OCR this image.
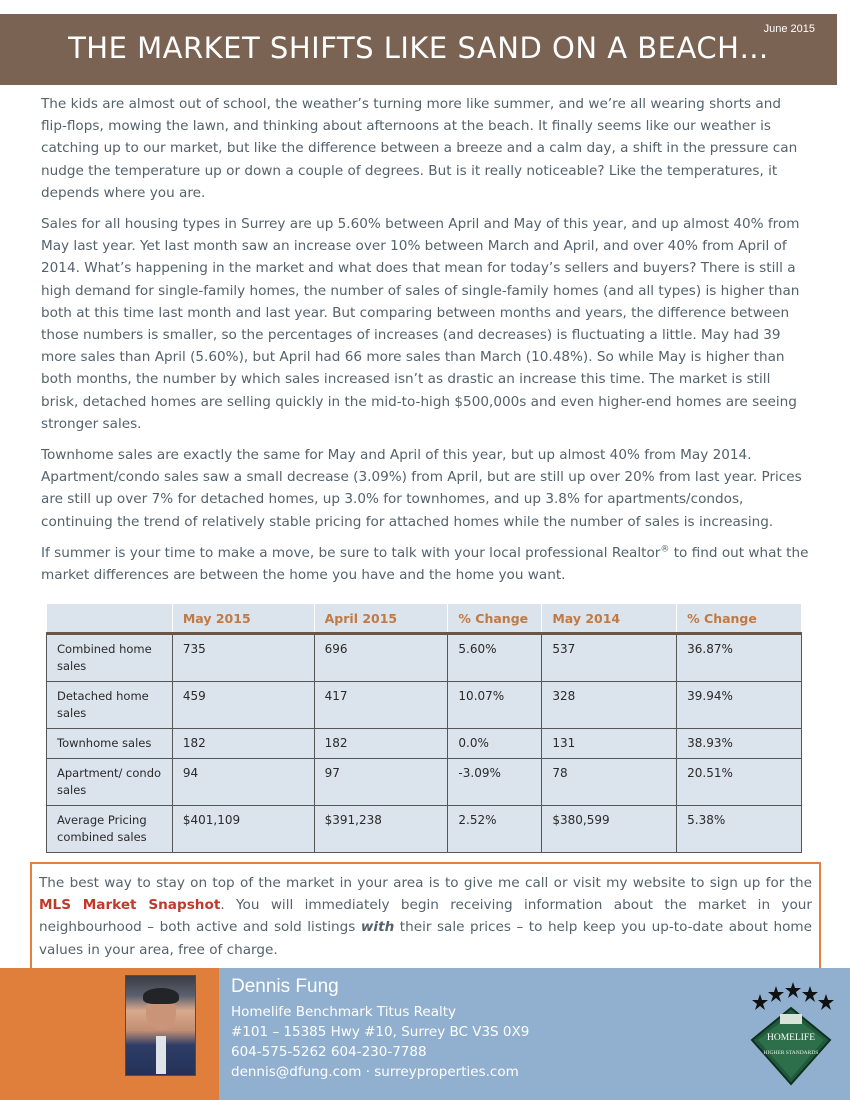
June 2015
THE MARKET SHIFTS LIKE SAND ON A BEACH…

The kids are almost out of school, the weather’s turning more like summer, and we’re all wearing shorts and flip-flops, mowing the lawn, and thinking about afternoons at the beach. It finally seems like our weather is catching up to our market, but like the difference between a breeze and a calm day, a shift in the pressure can nudge the temperature up or down a couple of degrees. But is it really noticeable? Like the temperatures, it depends where you are.

Sales for all housing types in Surrey are up 5.60% between April and May of this year, and up almost 40% from May last year. Yet last month saw an increase over 10% between March and April, and over 40% from April of 2014. What’s happening in the market and what does that mean for today’s sellers and buyers? There is still a high demand for single-family homes, the number of sales of single-family homes (and all types) is higher than both at this time last month and last year. But comparing between months and years, the difference between those numbers is smaller, so the percentages of increases (and decreases) is fluctuating a little. May had 39 more sales than April (5.60%), but April had 66 more sales than March (10.48%). So while May is higher than both months, the number by which sales increased isn’t as drastic an increase this time. The market is still brisk, detached homes are selling quickly in the mid-to-high $500,000s and even higher-end homes are seeing stronger sales.

Townhome sales are exactly the same for May and April of this year, but up almost 40% from May 2014. Apartment/condo sales saw a small decrease (3.09%) from April, but are still up over 20% from last year. Prices are still up over 7% for detached homes, up 3.0% for townhomes, and up 3.8% for apartments/condos, continuing the trend of relatively stable pricing for attached homes while the number of sales is increasing.

If summer is your time to make a move, be sure to talk with your local professional Realtor® to find out what the market differences are between the home you have and the home you want.

	May 2015	April 2015	% Change	May 2014	% Change
Combined home sales	735	696	5.60%	537	36.87%
Detached home sales	459	417	10.07%	328	39.94%
Townhome sales	182	182	0.0%	131	38.93%
Apartment/ condo sales	94	97	-3.09%	78	20.51%
Average Pricing combined sales	$401,109	$391,238	2.52%	$380,599	5.38%
The best way to stay on top of the market in your area is to give me call or visit my website to sign up for the MLS Market Snapshot. You will immediately begin receiving information about the market in your neighbourhood – both active and sold listings with their sale prices – to help keep you up-to-date about home values in your area, free of charge.
Dennis Fung
Homelife Benchmark Titus Realty
#101 – 15385 Hwy #10, Surrey BC V3S 0X9
604-575-5262 604-230-7788
dennis@dfung.com · surreyproperties.com
HOMELIFE
HIGHER STANDARDS
